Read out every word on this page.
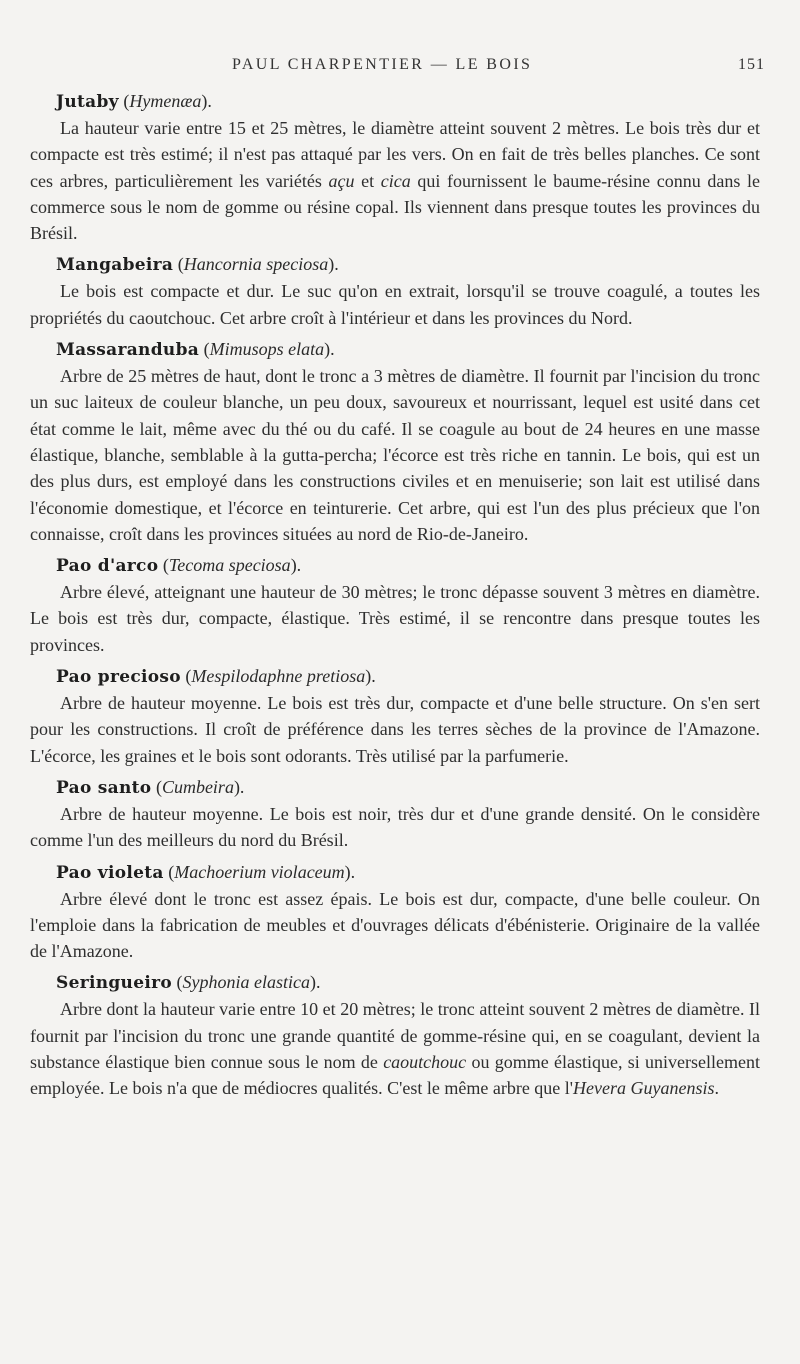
PAUL CHARPENTIER — LE BOIS	151
Jutaby (Hymenæa).

La hauteur varie entre 15 et 25 mètres, le diamètre atteint souvent 2 mètres. Le bois très dur et compacte est très estimé; il n'est pas attaqué par les vers. On en fait de très belles planches. Ce sont ces arbres, particulièrement les variétés açu et cica qui fournissent le baume-résine connu dans le commerce sous le nom de gomme ou résine copal. Ils viennent dans presque toutes les provinces du Brésil.

Mangabeira (Hancornia speciosa).

Le bois est compacte et dur. Le suc qu'on en extrait, lorsqu'il se trouve coagulé, a toutes les propriétés du caoutchouc. Cet arbre croît à l'intérieur et dans les provinces du Nord.

Massaranduba (Mimusops elata).

Arbre de 25 mètres de haut, dont le tronc a 3 mètres de diamètre. Il fournit par l'incision du tronc un suc laiteux de couleur blanche, un peu doux, savoureux et nourrissant, lequel est usité dans cet état comme le lait, même avec du thé ou du café. Il se coagule au bout de 24 heures en une masse élastique, blanche, semblable à la gutta-percha; l'écorce est très riche en tannin. Le bois, qui est un des plus durs, est employé dans les constructions civiles et en menuiserie; son lait est utilisé dans l'économie domestique, et l'écorce en teinturerie. Cet arbre, qui est l'un des plus précieux que l'on connaisse, croît dans les provinces situées au nord de Rio-de-Janeiro.

Pao d'arco (Tecoma speciosa).

Arbre élevé, atteignant une hauteur de 30 mètres; le tronc dépasse souvent 3 mètres en diamètre. Le bois est très dur, compacte, élastique. Très estimé, il se rencontre dans presque toutes les provinces.

Pao precioso (Mespilodaphne pretiosa).

Arbre de hauteur moyenne. Le bois est très dur, compacte et d'une belle structure. On s'en sert pour les constructions. Il croît de préférence dans les terres sèches de la province de l'Amazone. L'écorce, les graines et le bois sont odorants. Très utilisé par la parfumerie.

Pao santo (Cumbeira).

Arbre de hauteur moyenne. Le bois est noir, très dur et d'une grande densité. On le considère comme l'un des meilleurs du nord du Brésil.

Pao violeta (Machoerium violaceum).

Arbre élevé dont le tronc est assez épais. Le bois est dur, compacte, d'une belle couleur. On l'emploie dans la fabrication de meubles et d'ouvrages délicats d'ébénisterie. Originaire de la vallée de l'Amazone.

Seringueiro (Syphonia elastica).

Arbre dont la hauteur varie entre 10 et 20 mètres; le tronc atteint souvent 2 mètres de diamètre. Il fournit par l'incision du tronc une grande quantité de gomme-résine qui, en se coagulant, devient la substance élastique bien connue sous le nom de caoutchouc ou gomme élastique, si universellement employée. Le bois n'a que de médiocres qualités. C'est le même arbre que l'Hevera Guyanensis.
